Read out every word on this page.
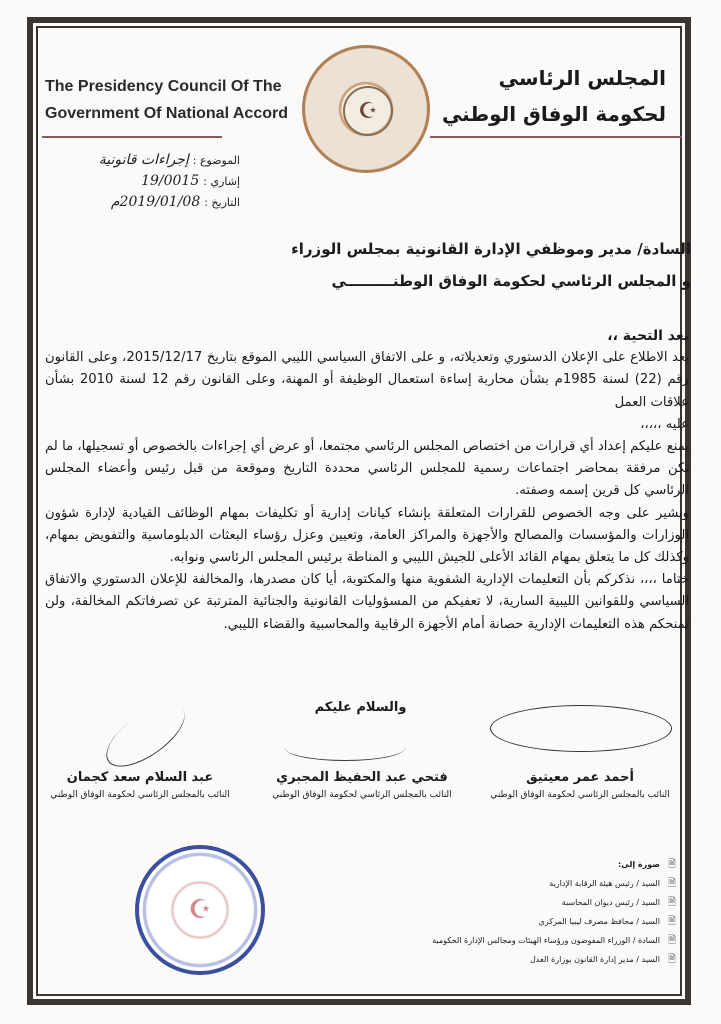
The Presidency Council Of The
Government Of National Accord	☪
المجلس الرئاسي
لحكومة الوفاق الوطني
الموضوع :
إجراءات قانونية
إشاري :
19/0015
التاريخ :
2019/01/08م
السادة/ مدير وموظفي الإدارة القانونية بمجلس الوزراء
و المجلس الرئاسي لحكومة الوفاق الوطنـــــــــي

بعد التحية ،،

بعد الاطلاع على الإعلان الدستوري وتعديلاته، و على الاتفاق السياسي الليبي الموقع بتاريخ 2015/12/17، وعلى القانون رقم (22) لسنة 1985م بشأن محاربة إساءة استعمال الوظيفة أو المهنة، وعلى القانون رقم 12 لسنة 2010 بشأن علاقات العمل

عليه ،،،،،

يمنع عليكم إعداد أي قرارات من اختصاص المجلس الرئاسي مجتمعا، أو عرض أي إجراءات بالخصوص أو تسجيلها، ما لم تكن مرفقة بمحاضر اجتماعات رسمية للمجلس الرئاسي محددة التاريخ وموقعة من قبل رئيس وأعضاء المجلس الرئاسي كل قرين إسمه وصفته.

ونشير على وجه الخصوص للقرارات المتعلقة بإنشاء كيانات إدارية أو تكليفات بمهام الوظائف القيادية لإدارة شؤون الوزارات والمؤسسات والمصالح والأجهزة والمراكز العامة، وتعيين وعزل رؤساء البعثات الدبلوماسية والتفويض بمهام، وكذلك كل ما يتعلق بمهام القائد الأعلى للجيش الليبي و المناطة برئيس المجلس الرئاسي ونوابه.

ختاما ،،،، نذكركم بأن التعليمات الإدارية الشفوية منها والمكتوبة، أيا كان مصدرها، والمخالفة للإعلان الدستوري والاتفاق السياسي وللقوانين الليبية السارية، لا تعفيكم من المسؤوليات القانونية والجنائية المترتبة عن تصرفاتكم المخالفة، ولن تمنحكم هذه التعليمات الإدارية حصانة أمام الأجهزة الرقابية والمحاسبية والقضاء الليبي.

والسلام عليكم
أحمد عمر معيتيق
النائب بالمجلس الرئاسي لحكومة الوفاق الوطني
فتحي عبد الحفيظ المجبري
النائب بالمجلس الرئاسي لحكومة الوفاق الوطني
عبد السلام سعد كجمان
النائب بالمجلس الرئاسي لحكومة الوفاق الوطني
🗎
صورة إلى:
🗎
السيد / رئيس هيئة الرقابة الإدارية
🗎
السيد / رئيس ديوان المحاسبة
🗎
السيد / محافظ مصرف ليبيا المركزي
🗎
السادة / الوزراء المفوضون ورؤساء الهيئات ومجالس الإدارة الحكومية
🗎
السيد / مدير إدارة القانون بوزارة العدل
☪
